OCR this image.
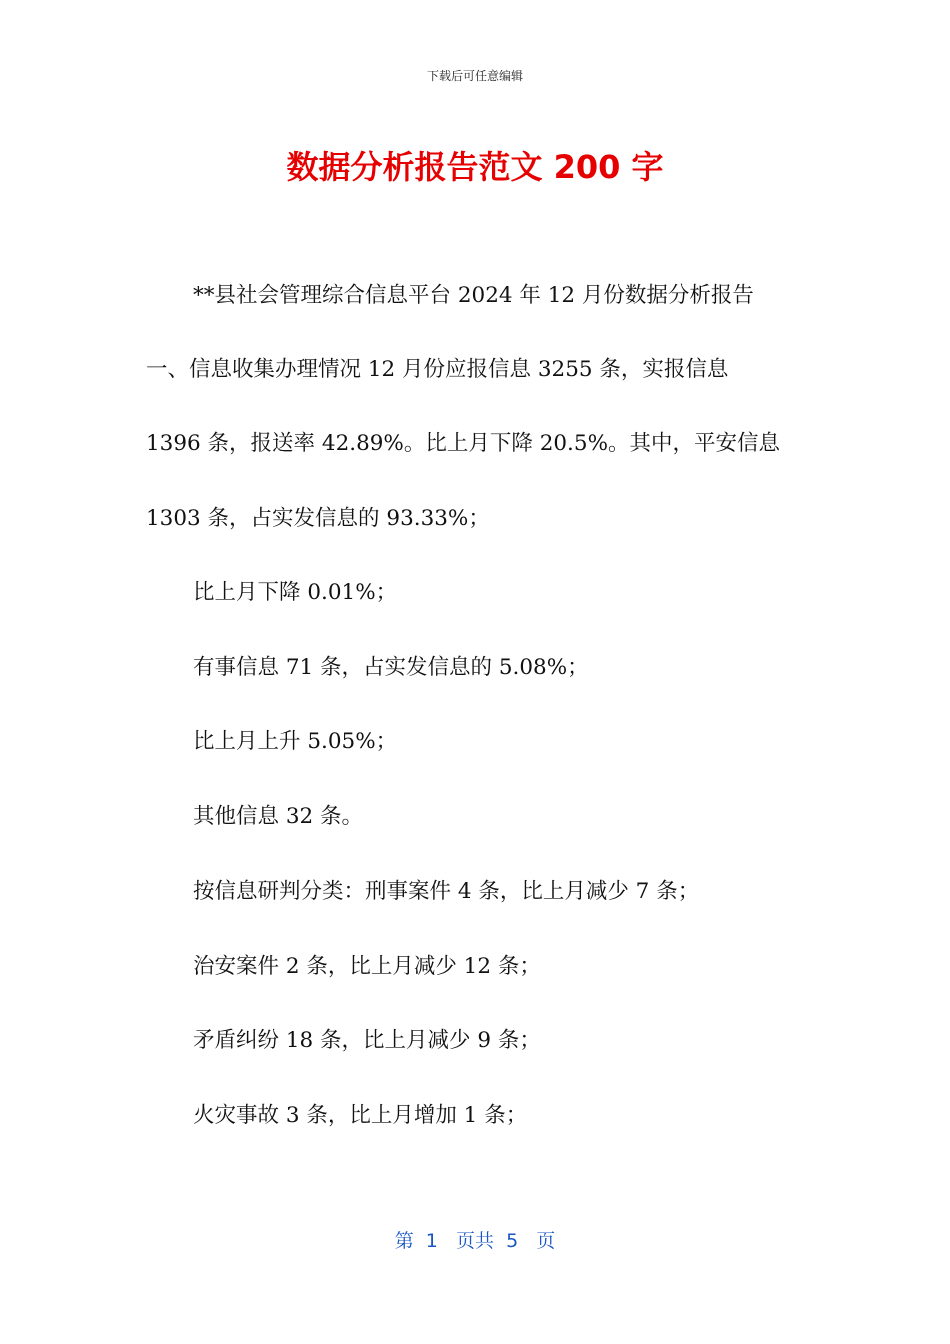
下载后可任意编辑
数据分析报告范文 200 字
**县社会管理综合信息平台 2024 年 12 月份数据分析报告
一、信息收集办理情况 12 月份应报信息 3255 条，实报信息
1396 条，报送率 42.89%。比上月下降 20.5%。其中，平安信息
1303 条，占实发信息的 93.33%；
比上月下降 0.01%；
有事信息 71 条，占实发信息的 5.08%；
比上月上升 5.05%；
其他信息 32 条。
按信息研判分类：刑事案件 4 条，比上月减少 7 条；
治安案件 2 条，比上月减少 12 条；
矛盾纠纷 18 条，比上月减少 9 条；
火灾事故 3 条，比上月增加 1 条；
第  1   页共  5   页
